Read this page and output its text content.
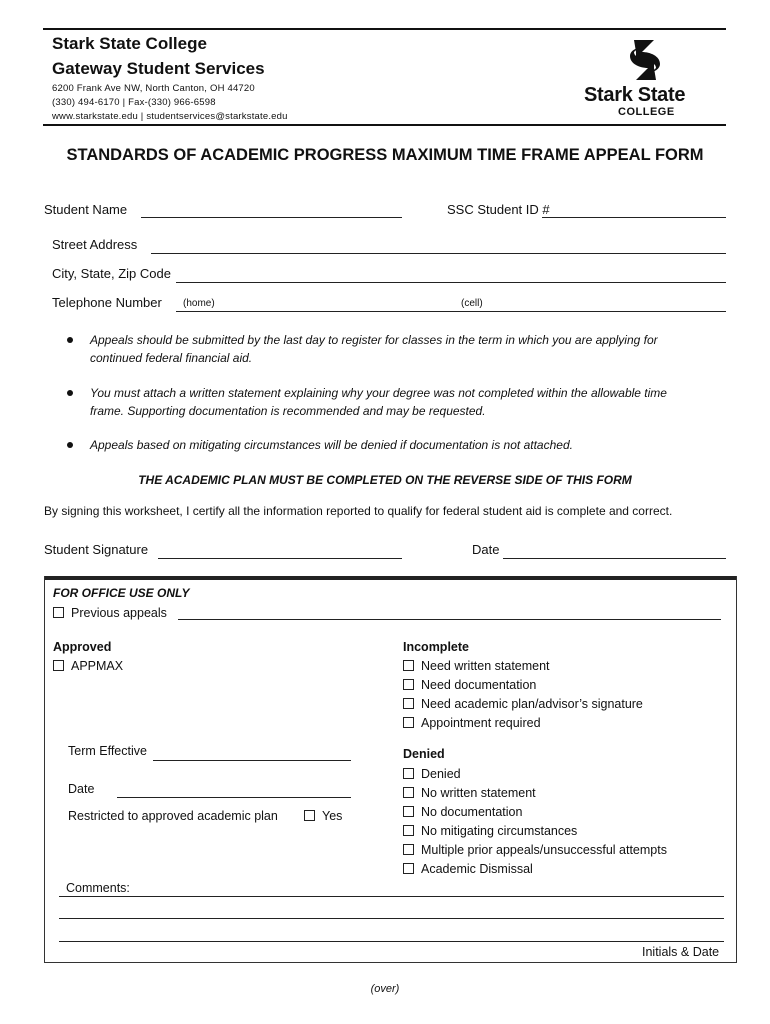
Stark State College
Gateway Student Services
6200 Frank Ave NW, North Canton, OH 44720
(330) 494-6170 | Fax-(330) 966-6598
www.starkstate.edu | studentservices@starkstate.edu
Stark State
COLLEGE
STANDARDS OF ACADEMIC PROGRESS MAXIMUM TIME FRAME APPEAL FORM
Student Name	SSC Student ID #
Street Address
City, State, Zip Code
Telephone Number (home)	(cell)
Appeals should be submitted by the last day to register for classes in the term in which you are applying for
continued federal financial aid.
You must attach a written statement explaining why your degree was not completed within the allowable time
frame. Supporting documentation is recommended and may be requested.
Appeals based on mitigating circumstances will be denied if documentation is not attached.
THE ACADEMIC PLAN MUST BE COMPLETED ON THE REVERSE SIDE OF THIS FORM
By signing this worksheet, I certify all the information reported to qualify for federal student aid is complete and correct.
Student Signature	Date
FOR OFFICE USE ONLY
Previous appeals
Approved
APPMAX
Incomplete
Need written statement
Need documentation
Need academic plan/advisor’s signature
Appointment required
Term Effective
Date
Restricted to approved academic plan	Yes
Denied
Denied
No written statement
No documentation
No mitigating circumstances
Multiple prior appeals/unsuccessful attempts
Academic Dismissal
Comments:
Initials & Date
(over)
